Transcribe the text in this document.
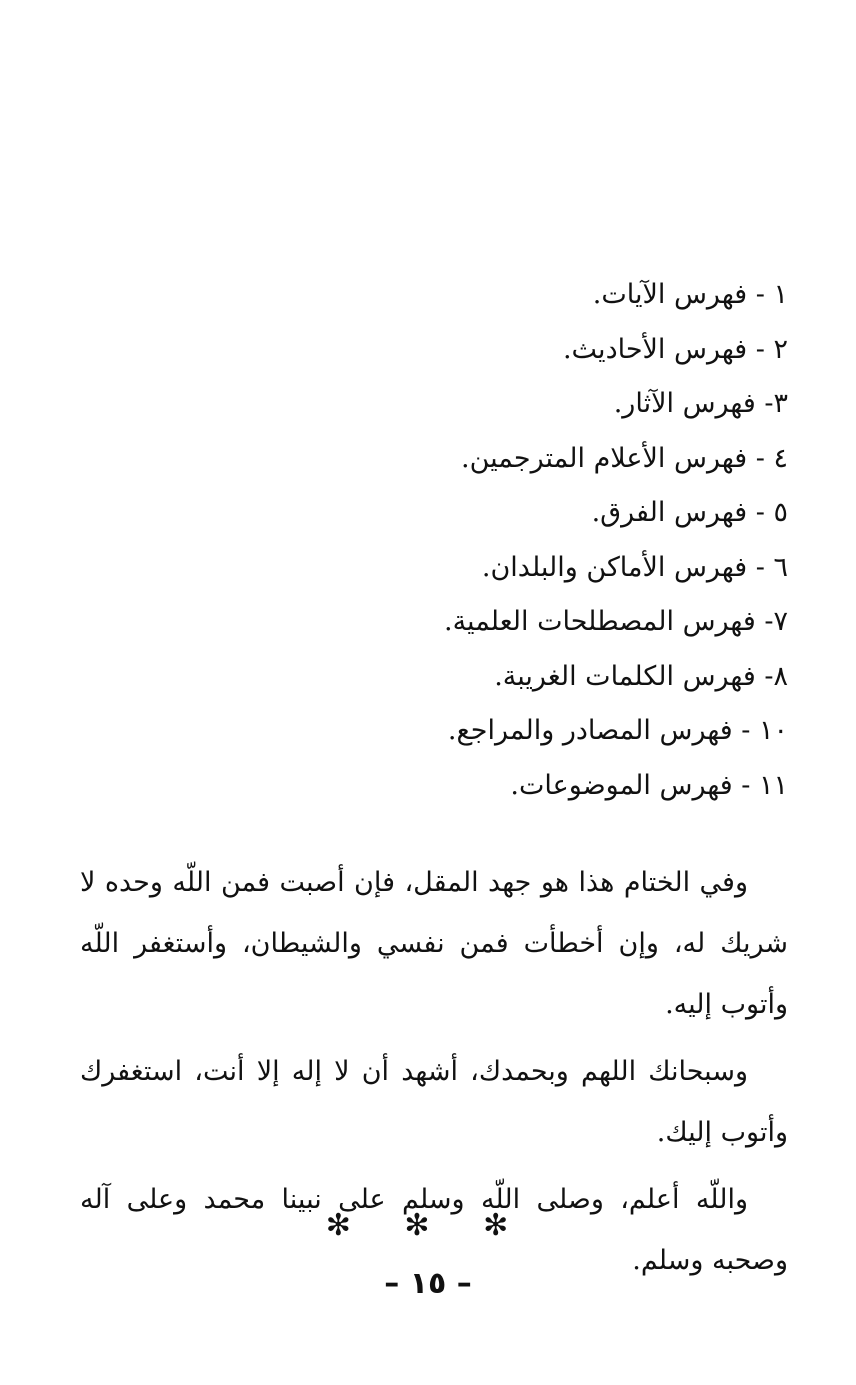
١ - فهرس الآيات.
٢ - فهرس الأحاديث.
٣- فهرس الآثار.
٤ - فهرس الأعلام المترجمين.
٥ - فهرس الفرق.
٦ - فهرس الأماكن والبلدان.
٧- فهرس المصطلحات العلمية.
٨- فهرس الكلمات الغريبة.
١٠ - فهرس المصادر والمراجع.
١١ - فهرس الموضوعات.

وفي الختام هذا هو جهد المقل، فإن أصبت فمن اللّه وحده لا شريك له، وإن أخطأت فمن نفسي والشيطان، وأستغفر اللّه وأتوب إليه.

وسبحانك اللهم وبحمدك، أشهد أن لا إله إلا أنت، استغفرك وأتوب إليك.

واللّه أعلم، وصلى اللّه وسلم على نبينا محمد وعلى آله وصحبه وسلم.

✻ ✻ ✻
– ١٥ –
